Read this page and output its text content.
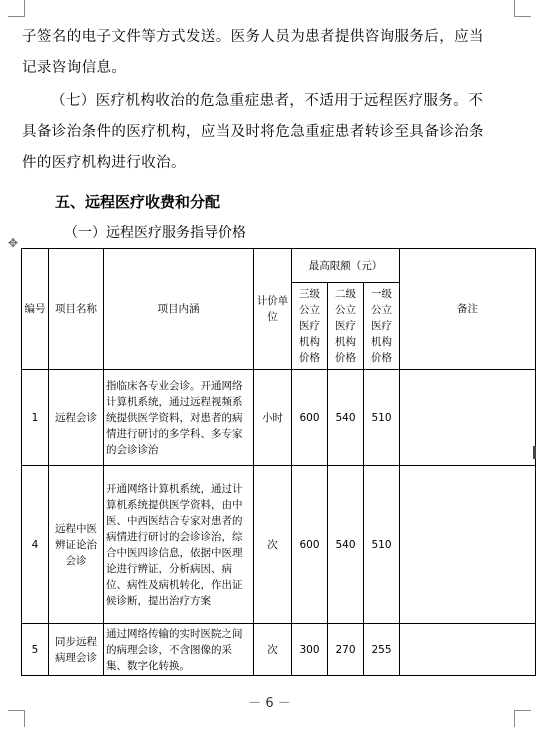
子签名的电子文件等方式发送。医务人员为患者提供咨询服务后，应当记录咨询信息。
（七）医疗机构收治的危急重症患者，不适用于远程医疗服务。不具备诊治条件的医疗机构，应当及时将危急重症患者转诊至具备诊治条件的医疗机构进行收治。
五、远程医疗收费和分配
（一）远程医疗服务指导价格
✥
编号	项目名称	项目内涵	计价单位	最高限额（元）			备注
				三级公立医疗机构价格	二级公立医疗机构价格	一级公立医疗机构价格	
1	远程会诊	指临床各专业会诊。开通网络计算机系统，通过远程视频系统提供医学资料，对患者的病情进行研讨的多学科、多专家的会诊诊治	小时	600	540	510	
4	远程中医辨证论治会诊	开通网络计算机系统，通过计算机系统提供医学资料，由中医、中西医结合专家对患者的病情进行研讨的会诊诊治，综合中医四诊信息，依据中医理论进行辨证，分析病因、病位、病性及病机转化，作出证候诊断，提出治疗方案	次	600	540	510	
5	同步远程病理会诊	通过网络传输的实时医院之间的病理会诊，不含图像的采集、数字化转换。	次	300	270	255	
－ 6 －
